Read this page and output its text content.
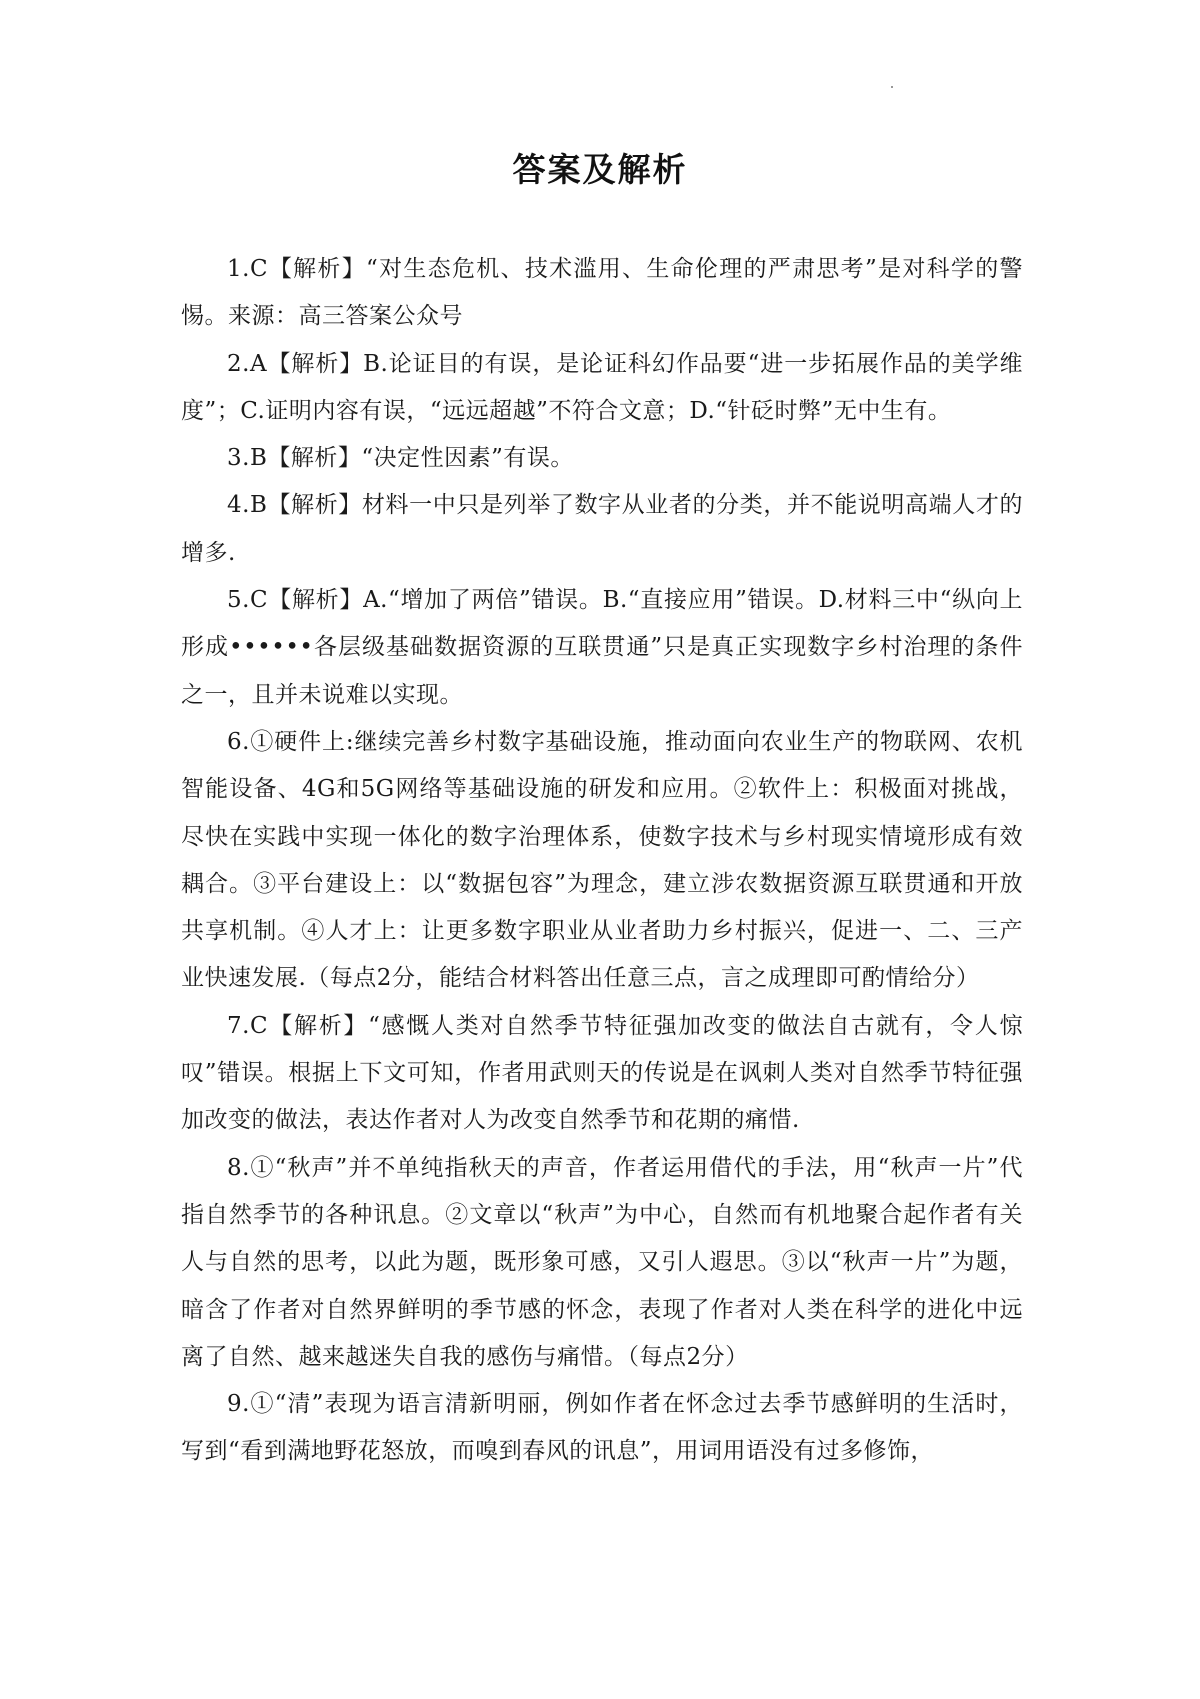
答案及解析

1.C【解析】“对生态危机、技术滥用、生命伦理的严肃思考”是对科学的警惕。来源：高三答案公众号

2.A【解析】B.论证目的有误，是论证科幻作品要“进一步拓展作品的美学维度”；C.证明内容有误，“远远超越”不符合文意；D.“针砭时弊”无中生有。

3.B【解析】“决定性因素”有误。

4.B【解析】材料一中只是列举了数字从业者的分类，并不能说明高端人才的增多.

5.C【解析】A.“增加了两倍”错误。B.“直接应用”错误。D.材料三中“纵向上形成••••••各层级基础数据资源的互联贯通”只是真正实现数字乡村治理的条件之一，且并未说难以实现。

6.①硬件上:继续完善乡村数字基础设施，推动面向农业生产的物联网、农机智能设备、4G和5G网络等基础设施的研发和应用。②软件上：积极面对挑战，尽快在实践中实现一体化的数字治理体系，使数字技术与乡村现实情境形成有效耦合。③平台建设上：以“数据包容”为理念，建立涉农数据资源互联贯通和开放共享机制。④人才上：让更多数字职业从业者助力乡村振兴，促进一、二、三产业快速发展.（每点2分，能结合材料答出任意三点，言之成理即可酌情给分）

7.C【解析】“感慨人类对自然季节特征强加改变的做法自古就有，令人惊叹”错误。根据上下文可知，作者用武则天的传说是在讽刺人类对自然季节特征强加改变的做法，表达作者对人为改变自然季节和花期的痛惜.

8.①“秋声”并不单纯指秋天的声音，作者运用借代的手法，用“秋声一片”代指自然季节的各种讯息。②文章以“秋声”为中心，自然而有机地聚合起作者有关人与自然的思考，以此为题，既形象可感，又引人遐思。③以“秋声一片”为题，暗含了作者对自然界鲜明的季节感的怀念，表现了作者对人类在科学的进化中远离了自然、越来越迷失自我的感伤与痛惜。（每点2分）

9.①“清”表现为语言清新明丽，例如作者在怀念过去季节感鲜明的生活时，写到“看到满地野花怒放，而嗅到春风的讯息”，用词用语没有过多修饰，
